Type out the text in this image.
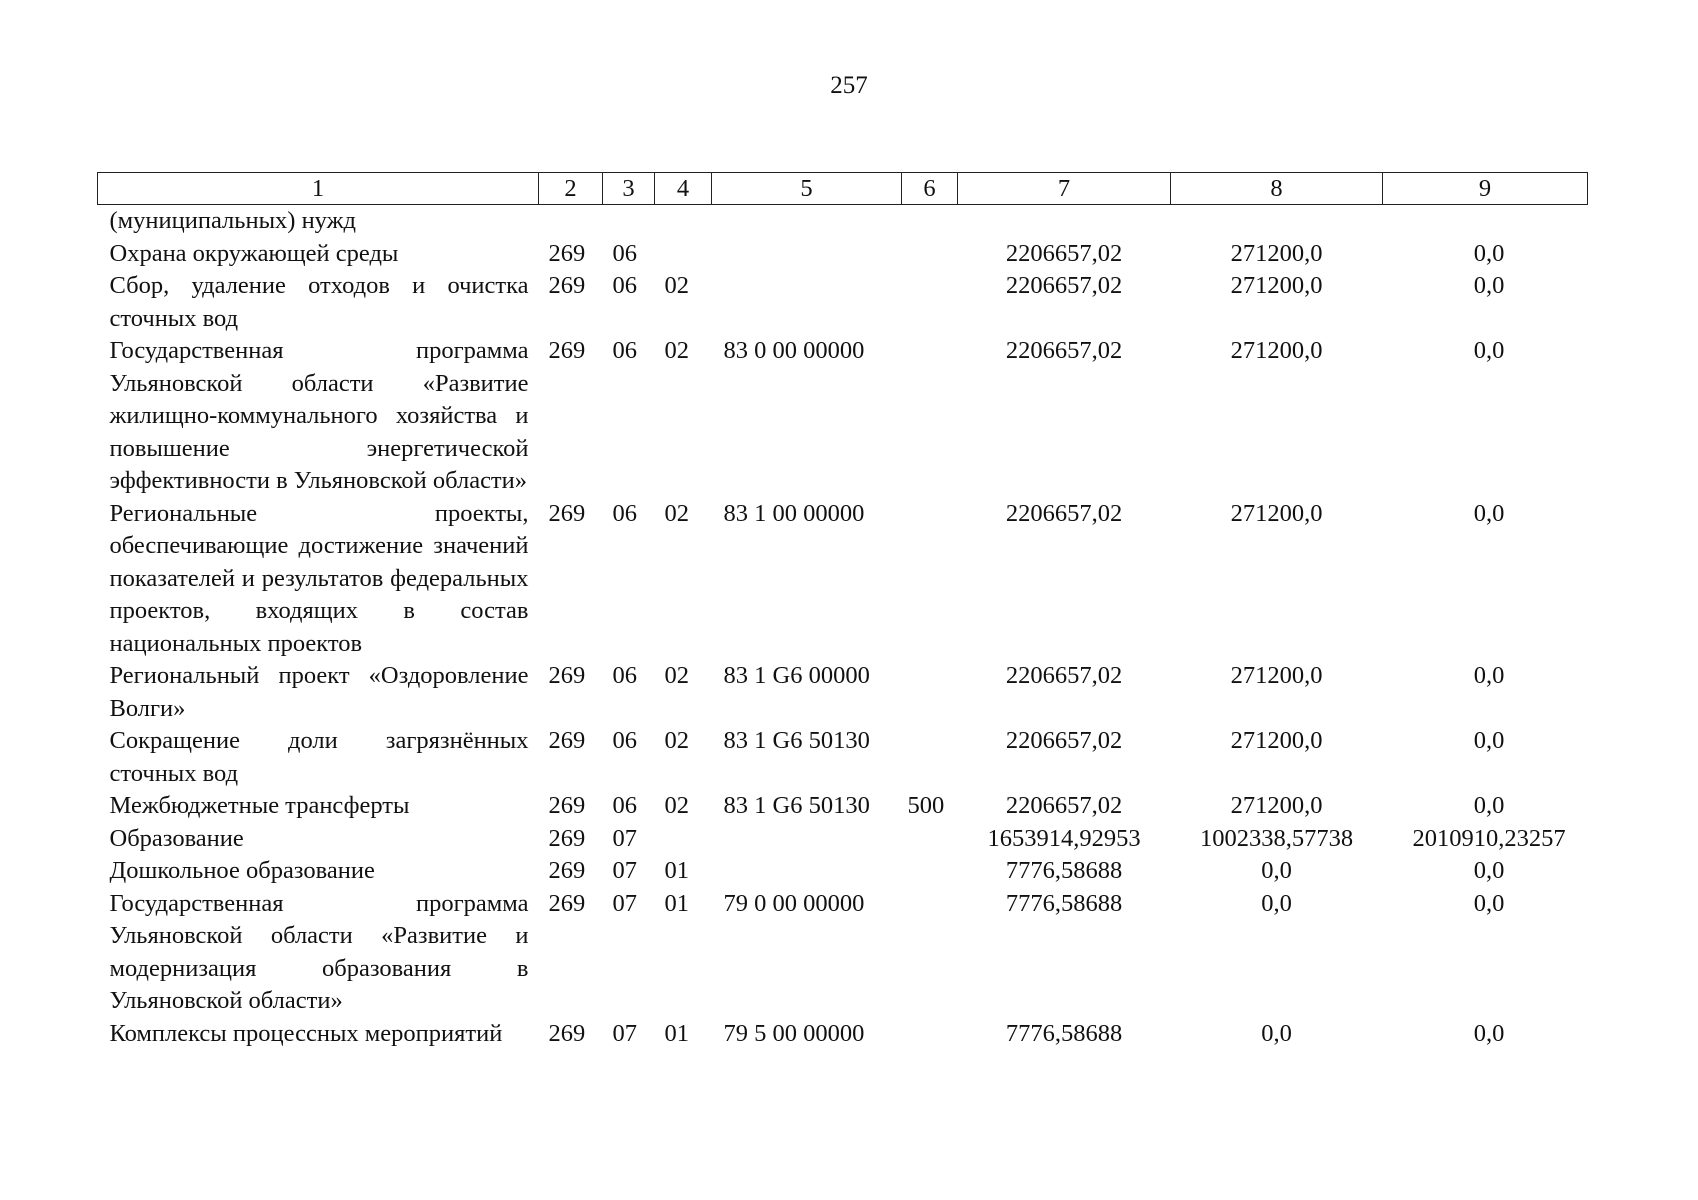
257
1	2	3	4	5	6	7	8	9
(муниципальных) нужд								
Охрана окружающей среды	269	06				2206657,02	271200,0	0,0
Сбор, удаление отходов и очистка сточных вод	269	06	02			2206657,02	271200,0	0,0
Государственная программа Ульяновской области «Развитие жилищно-коммунального хозяйства и повышение энергетической эффективности в Ульяновской области»	269	06	02	83 0 00 00000		2206657,02	271200,0	0,0
Региональные проекты, обеспечивающие достижение значений показателей и результатов федеральных проектов, входящих в состав национальных проектов	269	06	02	83 1 00 00000		2206657,02	271200,0	0,0
Региональный проект «Оздоровление Волги»	269	06	02	83 1 G6 00000		2206657,02	271200,0	0,0
Сокращение доли загрязнённых сточных вод	269	06	02	83 1 G6 50130		2206657,02	271200,0	0,0
Межбюджетные трансферты	269	06	02	83 1 G6 50130	500	2206657,02	271200,0	0,0
Образование	269	07				1653914,92953	1002338,57738	2010910,23257
Дошкольное образование	269	07	01			7776,58688	0,0	0,0
Государственная программа Ульяновской области «Развитие и модернизация образования в Ульяновской области»	269	07	01	79 0 00 00000		7776,58688	0,0	0,0
Комплексы процессных мероприятий	269	07	01	79 5 00 00000		7776,58688	0,0	0,0
